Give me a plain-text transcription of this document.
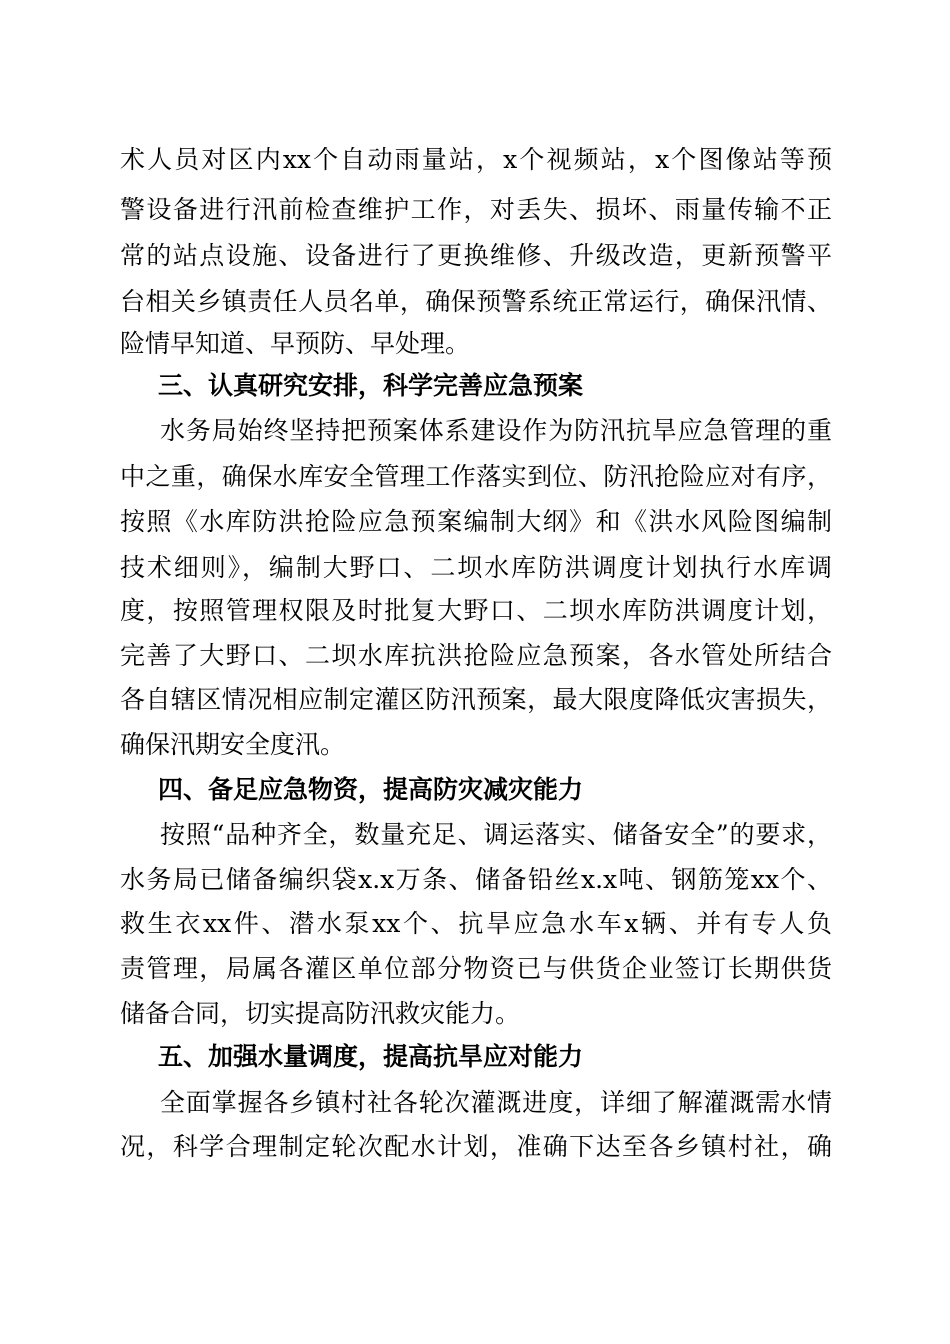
术人员对区内xx个自动雨量站，x个视频站，x个图像站等预
警设备进行汛前检查维护工作，对丢失、损坏、雨量传输不正
常的站点设施、设备进行了更换维修、升级改造，更新预警平
台相关乡镇责任人员名单，确保预警系统正常运行，确保汛情、
险情早知道、早预防、早处理。
三、认真研究安排，科学完善应急预案
水务局始终坚持把预案体系建设作为防汛抗旱应急管理的重
中之重，确保水库安全管理工作落实到位、防汛抢险应对有序，
按照《水库防洪抢险应急预案编制大纲》和《洪水风险图编制
技术细则》，编制大野口、二坝水库防洪调度计划执行水库调
度，按照管理权限及时批复大野口、二坝水库防洪调度计划，
完善了大野口、二坝水库抗洪抢险应急预案，各水管处所结合
各自辖区情况相应制定灌区防汛预案，最大限度降低灾害损失，
确保汛期安全度汛。
四、备足应急物资，提高防灾减灾能力
按照“品种齐全，数量充足、调运落实、储备安全”的要求，
水务局已储备编织袋x.x万条、储备铅丝x.x吨、钢筋笼xx个、
救生衣xx件、潜水泵xx个、抗旱应急水车x辆、并有专人负
责管理，局属各灌区单位部分物资已与供货企业签订长期供货
储备合同，切实提高防汛救灾能力。
五、加强水量调度，提高抗旱应对能力
全面掌握各乡镇村社各轮次灌溉进度，详细了解灌溉需水情
况，科学合理制定轮次配水计划，准确下达至各乡镇村社，确
